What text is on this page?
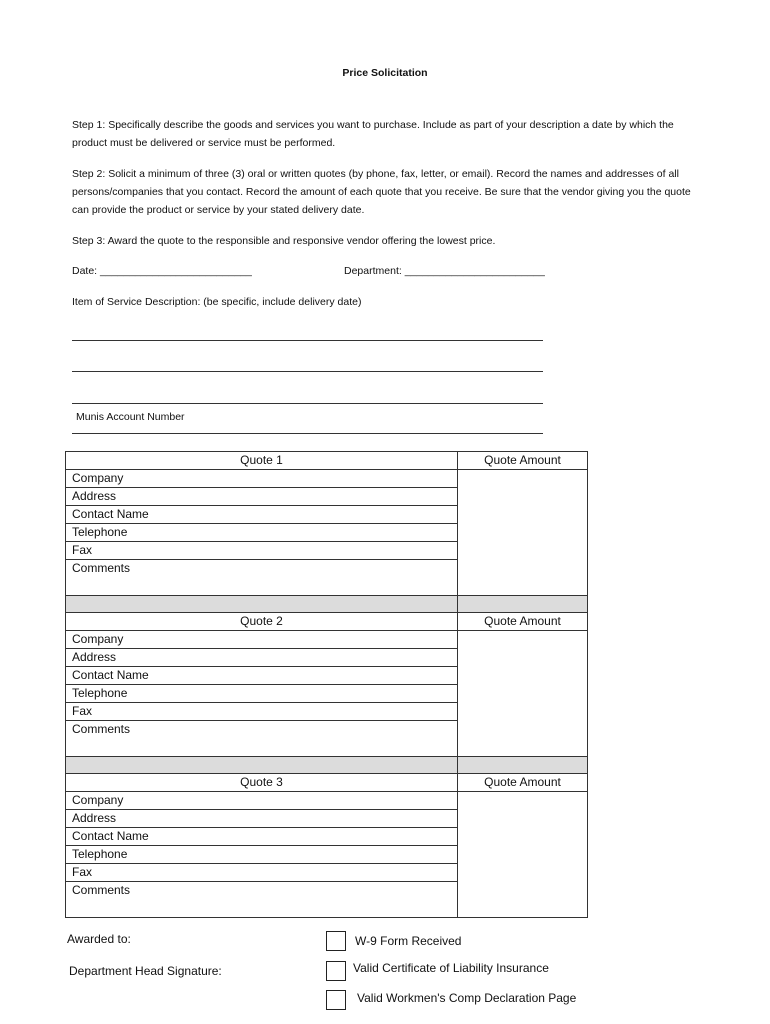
Price Solicitation
Step 1: Specifically describe the goods and services you want to purchase. Include as part of your description a date by which the product must be delivered or service must be performed.
Step 2: Solicit a minimum of three (3) oral or written quotes (by phone, fax, letter, or email). Record the names and addresses of all persons/companies that you contact. Record the amount of each quote that you receive. Be sure that the vendor giving you the quote can provide the product or service by your stated delivery date.
Step 3: Award the quote to the responsible and responsive vendor offering the lowest price.
Date: __________________________	Department: ________________________
Item of Service Description: (be specific, include delivery date)
Munis Account Number
Quote 1	Quote Amount
Company	
Address	
Contact Name	
Telephone	
Fax	
Comments	

Quote 2	Quote Amount
Company	
Address	
Contact Name	
Telephone	
Fax	
Comments	

Quote 3	Quote Amount
Company	
Address	
Contact Name	
Telephone	
Fax	
Comments	
Awarded to:
Department Head Signature:
W-9 Form Received
Valid Certificate of Liability Insurance
Valid Workmen's Comp Declaration Page
